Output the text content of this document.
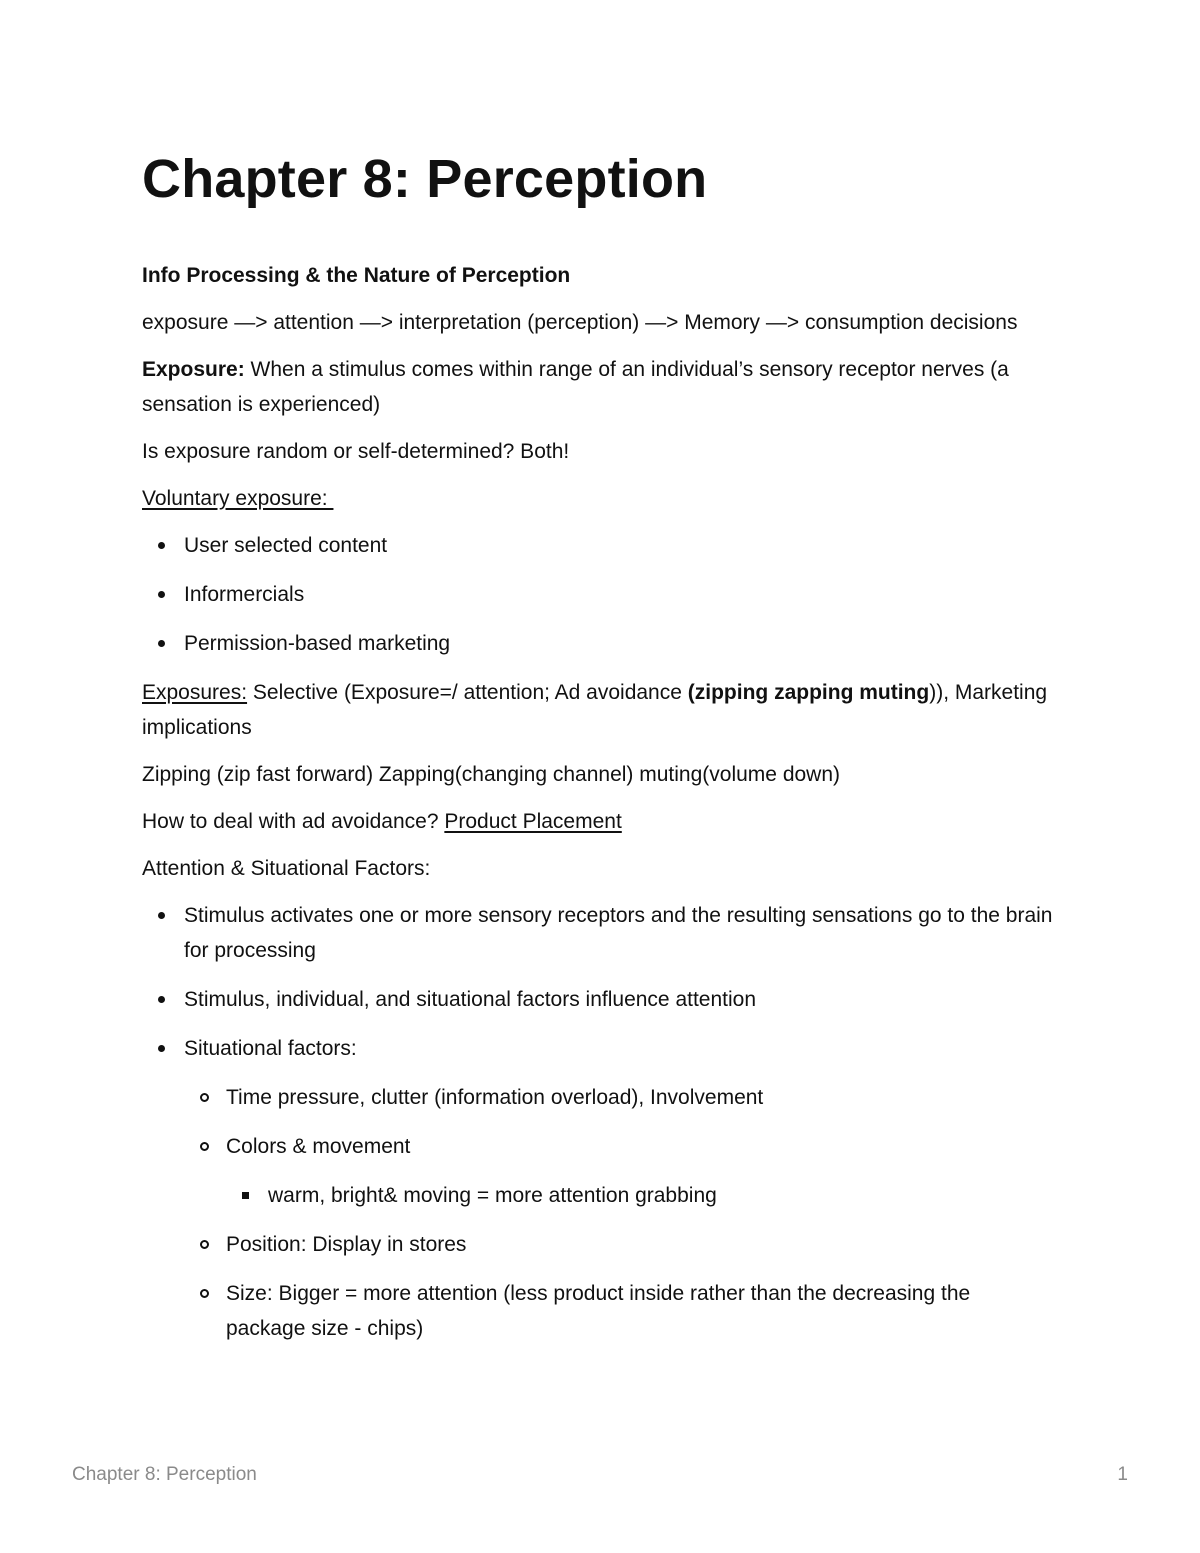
Chapter 8: Perception

Info Processing & the Nature of Perception

exposure —> attention —> interpretation (perception) —> Memory —> consumption decisions

Exposure: When a stimulus comes within range of an individual’s sensory receptor nerves (a sensation is experienced)

Is exposure random or self-determined? Both!

Voluntary exposure:

User selected content
Informercials
Permission-based marketing

Exposures: Selective (Exposure=/ attention; Ad avoidance (zipping zapping muting)), Marketing implications

Zipping (zip fast forward) Zapping(changing channel) muting(volume down)

How to deal with ad avoidance? Product Placement

Attention & Situational Factors:

Stimulus activates one or more sensory receptors and the resulting sensations go to the brain for processing
Stimulus, individual, and situational factors influence attention
Situational factors:
Time pressure, clutter (information overload), Involvement
Colors & movement
warm, bright& moving = more attention grabbing
Position: Display in stores
Size: Bigger = more attention (less product inside rather than the decreasing the package size - chips)
Chapter 8: Perception	1
